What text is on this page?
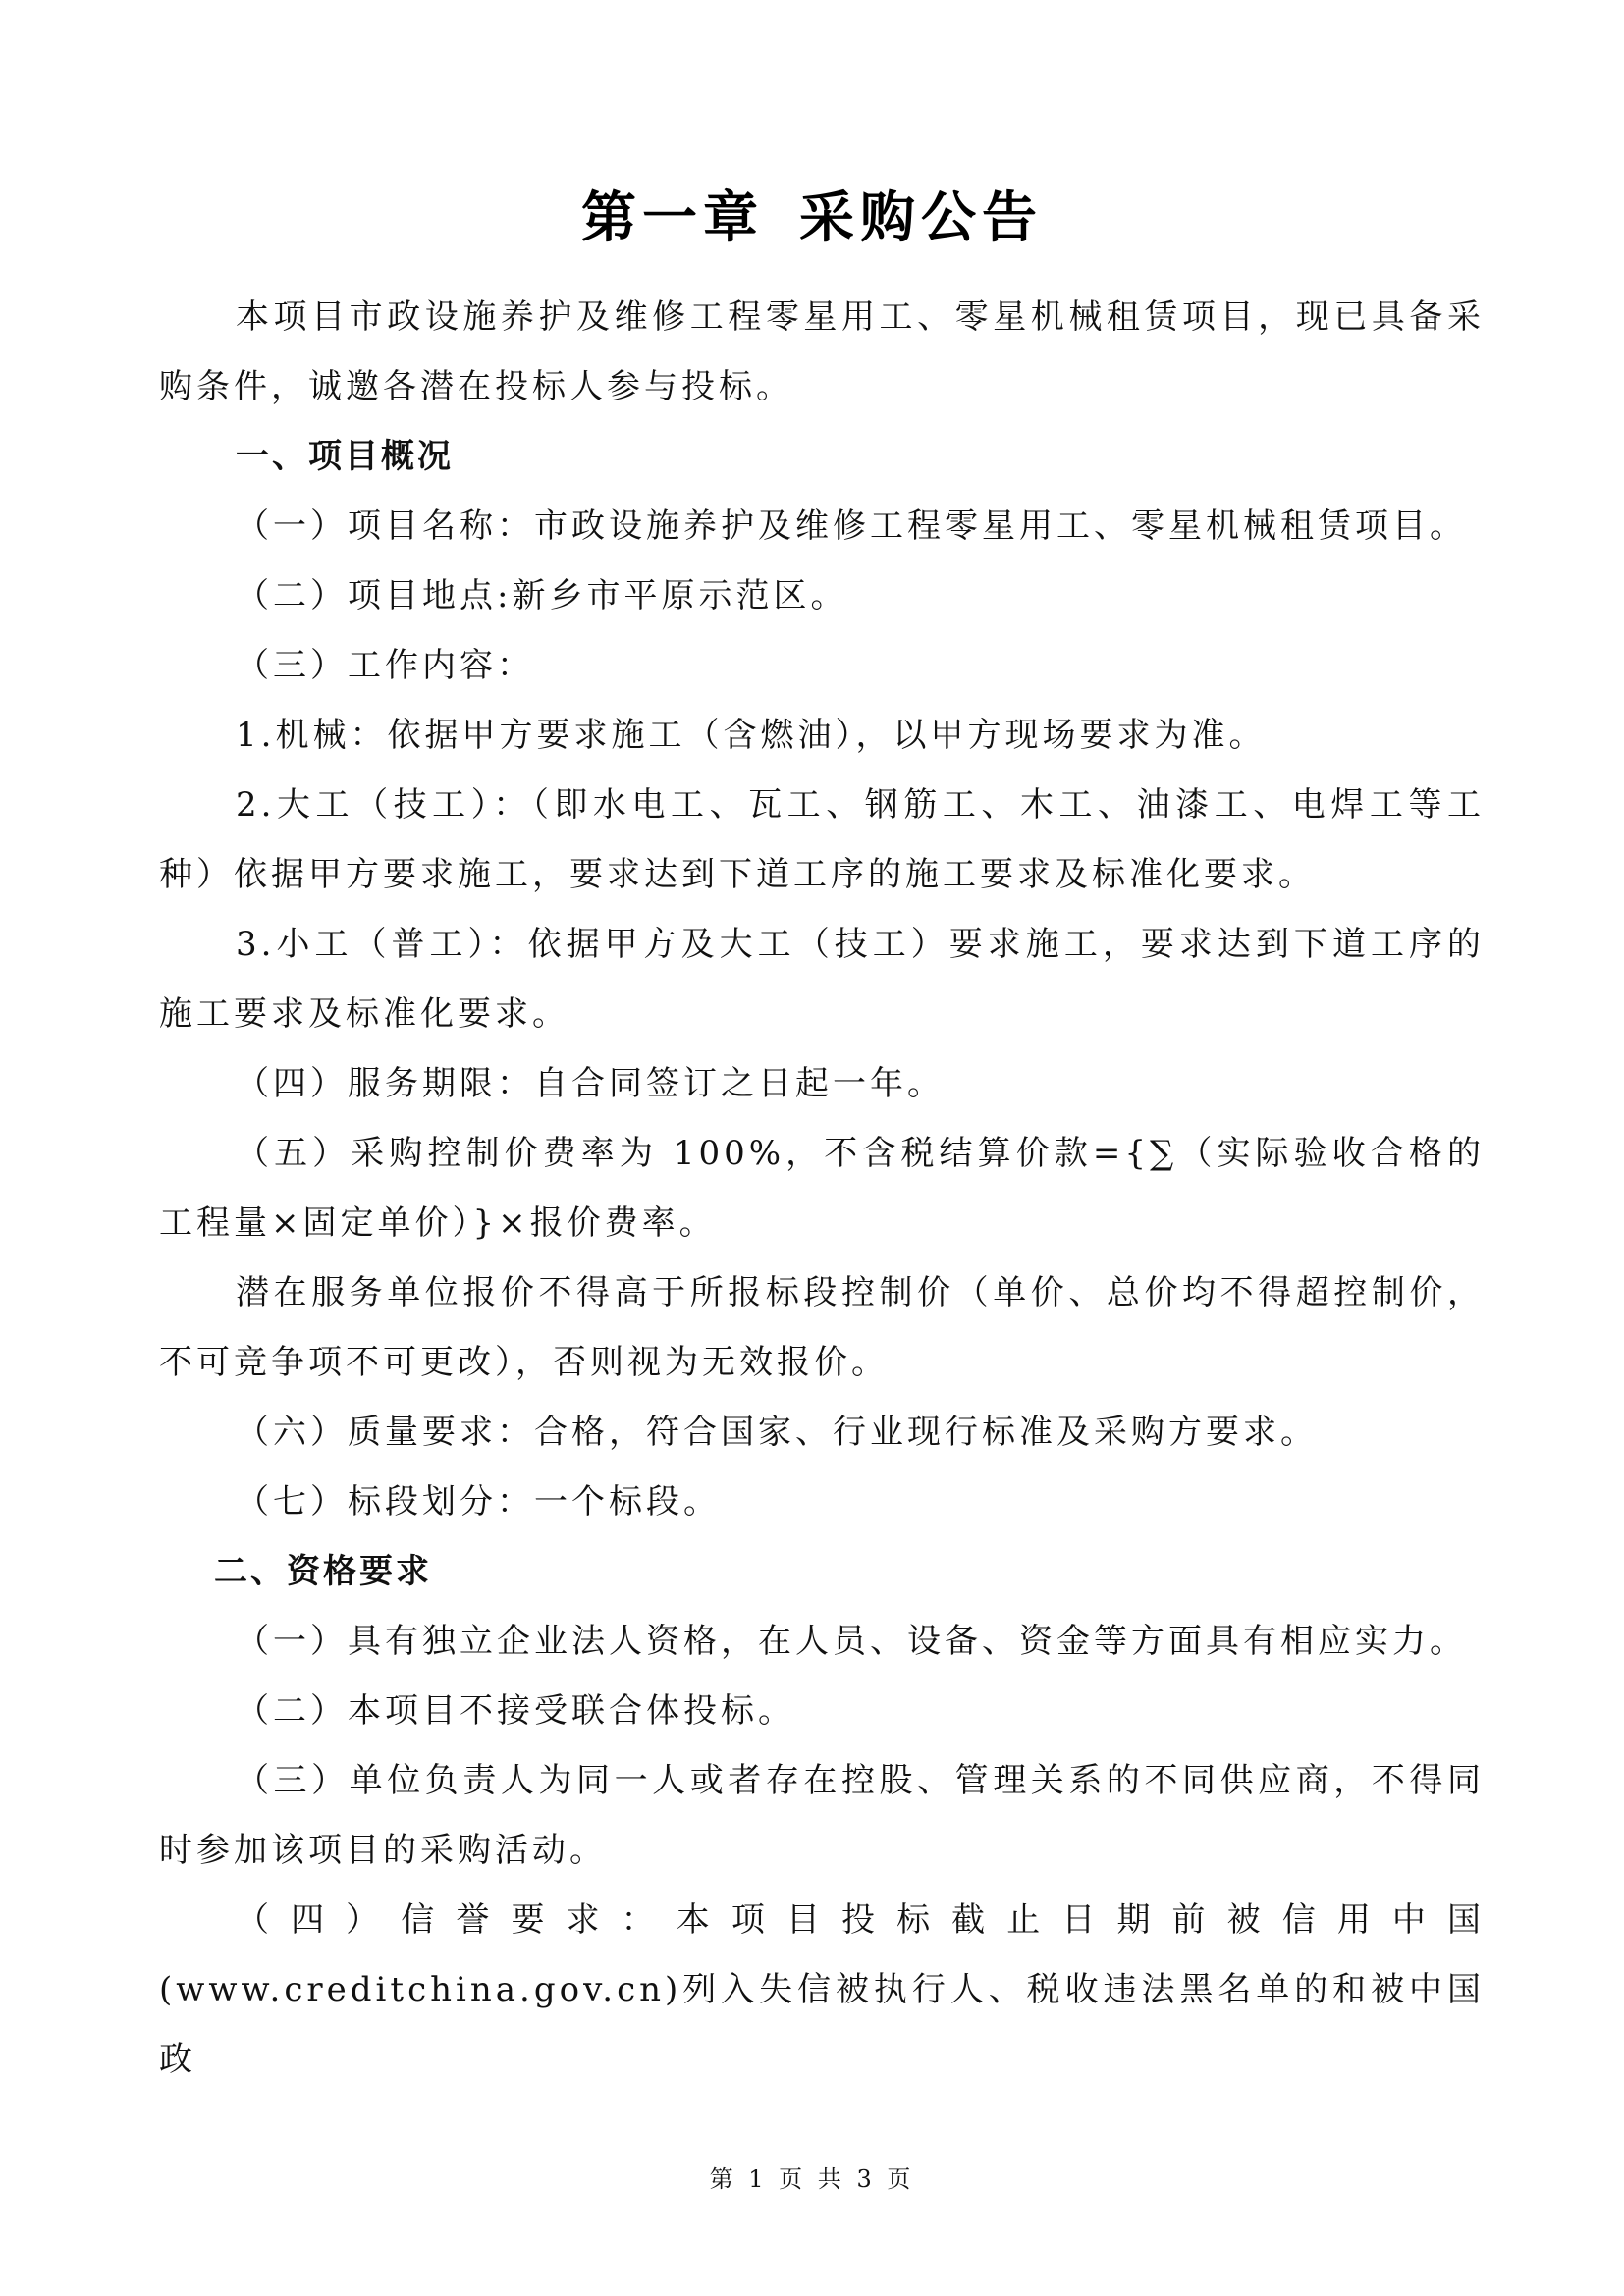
第一章 采购公告

本项目市政设施养护及维修工程零星用工、零星机械租赁项目，现已具备采购条件，诚邀各潜在投标人参与投标。

一、项目概况

（一）项目名称：市政设施养护及维修工程零星用工、零星机械租赁项目。

（二）项目地点:新乡市平原示范区。

（三）工作内容：

1.机械：依据甲方要求施工（含燃油），以甲方现场要求为准。

2.大工（技工）：（即水电工、瓦工、钢筋工、木工、油漆工、电焊工等工种）依据甲方要求施工，要求达到下道工序的施工要求及标准化要求。

3.小工（普工）：依据甲方及大工（技工）要求施工，要求达到下道工序的施工要求及标准化要求。

（四）服务期限：自合同签订之日起一年。

（五）采购控制价费率为 100%，不含税结算价款={∑（实际验收合格的工程量×固定单价）}×报价费率。

潜在服务单位报价不得高于所报标段控制价（单价、总价均不得超控制价，不可竞争项不可更改），否则视为无效报价。

（六）质量要求：合格，符合国家、行业现行标准及采购方要求。

（七）标段划分：一个标段。

二、资格要求

（一）具有独立企业法人资格，在人员、设备、资金等方面具有相应实力。

（二）本项目不接受联合体投标。

（三）单位负责人为同一人或者存在控股、管理关系的不同供应商，不得同时参加该项目的采购活动。

（四）信誉要求：本项目投标截止日期前被信用中国

(www.creditchina.gov.cn)列入失信被执行人、税收违法黑名单的和被中国政

第 1 页 共 3 页
